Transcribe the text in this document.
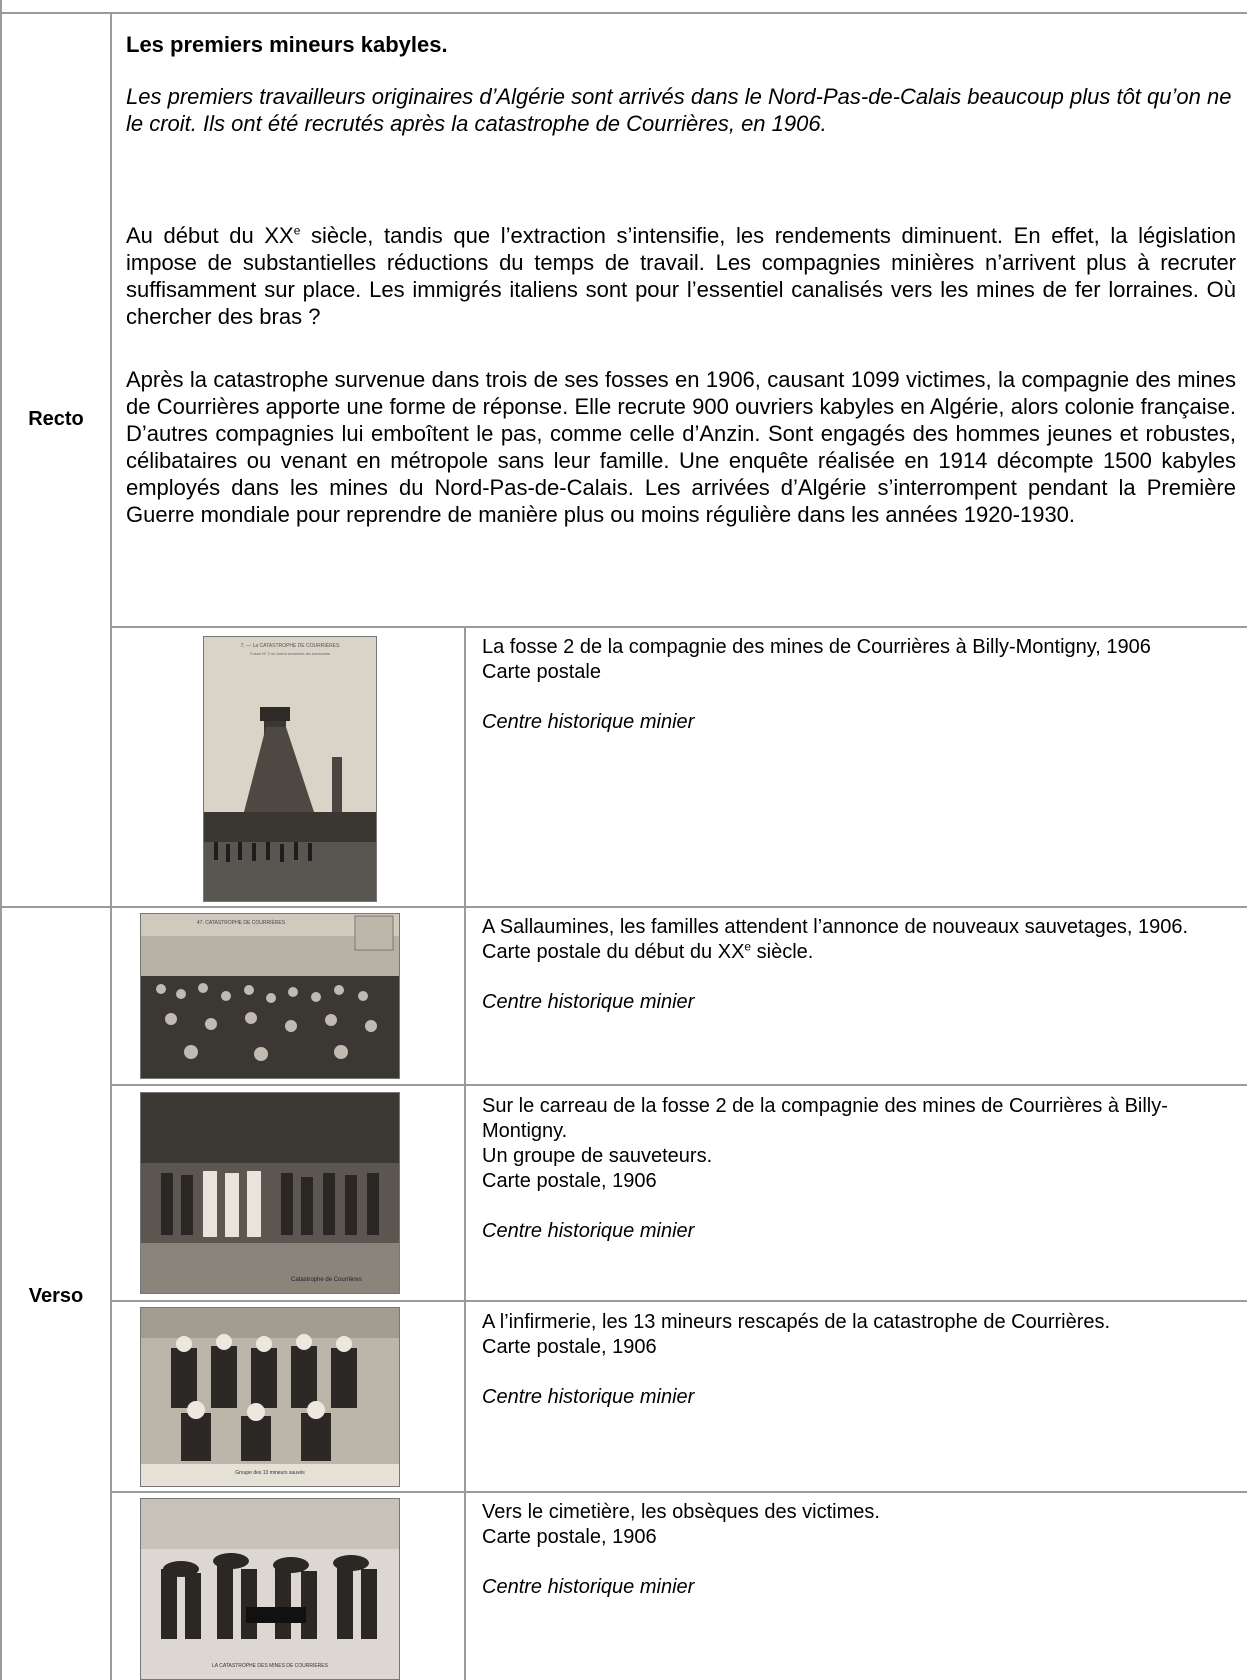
Recto
Verso
Les premiers mineurs kabyles.
Les premiers travailleurs originaires d’Algérie sont arrivés dans le Nord-Pas-de-Calais beaucoup plus tôt qu’on ne le croit. Ils ont été recrutés après la catastrophe de Courrières, en 1906.
Au début du XXe siècle, tandis que l’extraction s’intensifie, les rendements diminuent. En effet, la législation impose de substantielles réductions du temps de travail. Les compagnies minières n’arrivent plus à recruter suffisamment sur place. Les immigrés italiens sont pour l’essentiel canalisés vers les mines de fer lorraines. Où chercher des bras ?
Après la catastrophe survenue dans trois de ses fosses en 1906, causant 1099 victimes, la compagnie des mines de Courrières apporte une forme de réponse. Elle recrute 900 ouvriers kabyles en Algérie, alors colonie française. D’autres compagnies lui emboîtent le pas, comme celle d’Anzin. Sont engagés des hommes jeunes et robustes, célibataires ou venant en métropole sans leur famille. Une enquête réalisée en 1914 décompte 1500 kabyles employés dans les mines du Nord-Pas-de-Calais. Les arrivées d’Algérie s’interrompent pendant la Première Guerre mondiale pour reprendre de manière plus ou moins régulière dans les années 1920-1930.
7. — La CATASTROPHE DE COURRIÈRES
Fosse N° 2 où furent remontés les survivants	La fosse 2 de la compagnie des mines de Courrières à Billy-Montigny, 1906
Carte postale
Centre historique minier
47. CATASTROPHE DE COURRIÈRES	A Sallaumines, les familles attendent l’annonce de nouveaux sauvetages, 1906.
Carte postale du début du XXe siècle.
Centre historique minier
Catastrophe de Courrières
Sur le carreau de la fosse 2 de la compagnie des mines de Courrières à Billy-Montigny.
Un groupe de sauveteurs.
Carte postale, 1906
Centre historique minier
Groupe des 13 mineurs sauvés
A l’infirmerie, les 13 mineurs rescapés de la catastrophe de Courrières.
Carte postale, 1906
Centre historique minier
LA CATASTROPHE DES MINES DE COURRIÈRES
Vers le cimetière, les obsèques des victimes.
Carte postale, 1906
Centre historique minier
